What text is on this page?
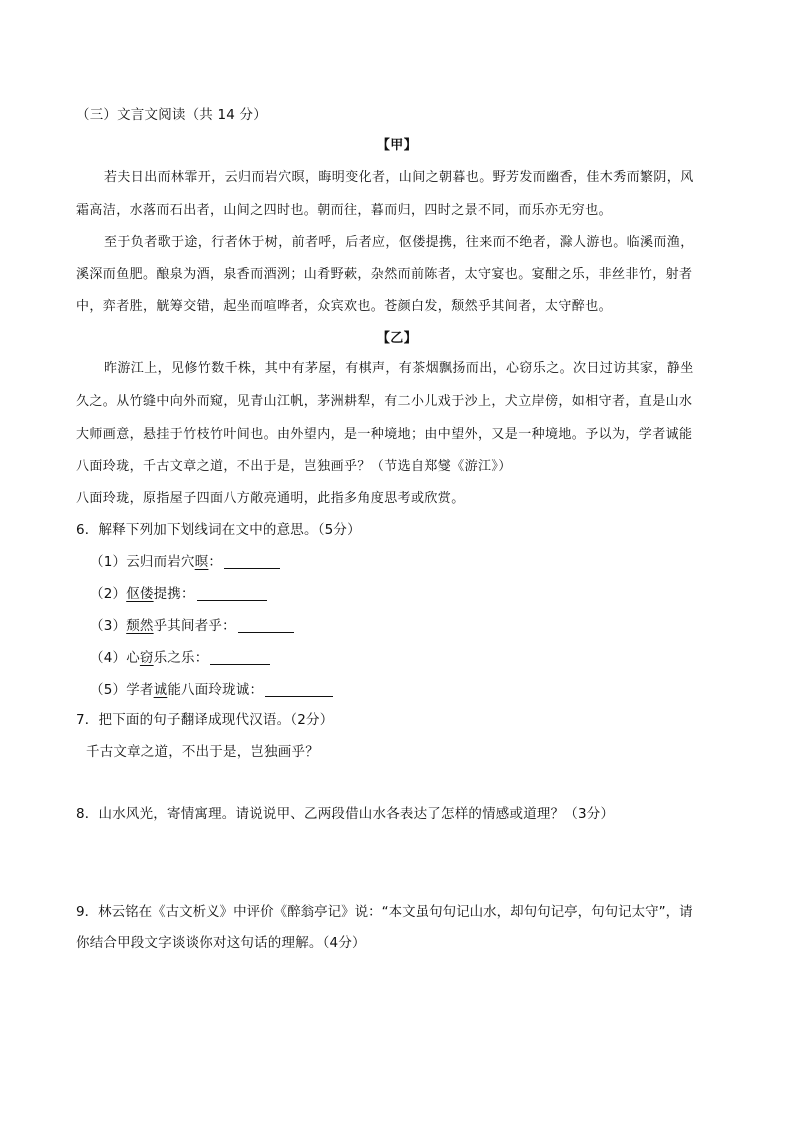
（三）文言文阅读（共 14 分）
【甲】
若夫日出而林霏开，云归而岩穴暝，晦明变化者，山间之朝暮也。野芳发而幽香，佳木秀而繁阴，风
霜高洁，水落而石出者，山间之四时也。朝而往，暮而归，四时之景不同，而乐亦无穷也。
至于负者歌于途，行者休于树，前者呼，后者应，伛偻提携，往来而不绝者，滁人游也。临溪而渔，
溪深而鱼肥。酿泉为酒，泉香而酒洌；山肴野蔌，杂然而前陈者，太守宴也。宴酣之乐，非丝非竹，射者
中，弈者胜，觥筹交错，起坐而喧哗者，众宾欢也。苍颜白发，颓然乎其间者，太守醉也。
【乙】
昨游江上，见修竹数千株，其中有茅屋，有棋声，有茶烟飘扬而出，心窃乐之。次日过访其家，静坐
久之。从竹缝中向外而窥，见青山江帆，茅洲耕犁，有二小儿戏于沙上，犬立岸傍，如相守者，直是山水
大师画意，悬挂于竹枝竹叶间也。由外望内，是一种境地；由中望外，又是一种境地。予以为，学者诚能
八面玲珑，千古文章之道，不出于是，岂独画乎？（节选自郑燮《游江》）
八面玲珑，原指屋子四面八方敞亮通明，此指多角度思考或欣赏。
6．解释下列加下划线词在文中的意思。（5分）
（1）云归而岩穴暝：
（2）伛偻提携：
（3）颓然乎其间者乎：
（4）心窃乐之乐：
（5）学者诚能八面玲珑诚：
7．把下面的句子翻译成现代汉语。（2分）
千古文章之道，不出于是，岂独画乎？
8．山水风光，寄情寓理。请说说甲、乙两段借山水各表达了怎样的情感或道理？（3分）
9．林云铭在《古文析义》中评价《醉翁亭记》说：“本文虽句句记山水，却句句记亭，句句记太守”，请
你结合甲段文字谈谈你对这句话的理解。（4分）
